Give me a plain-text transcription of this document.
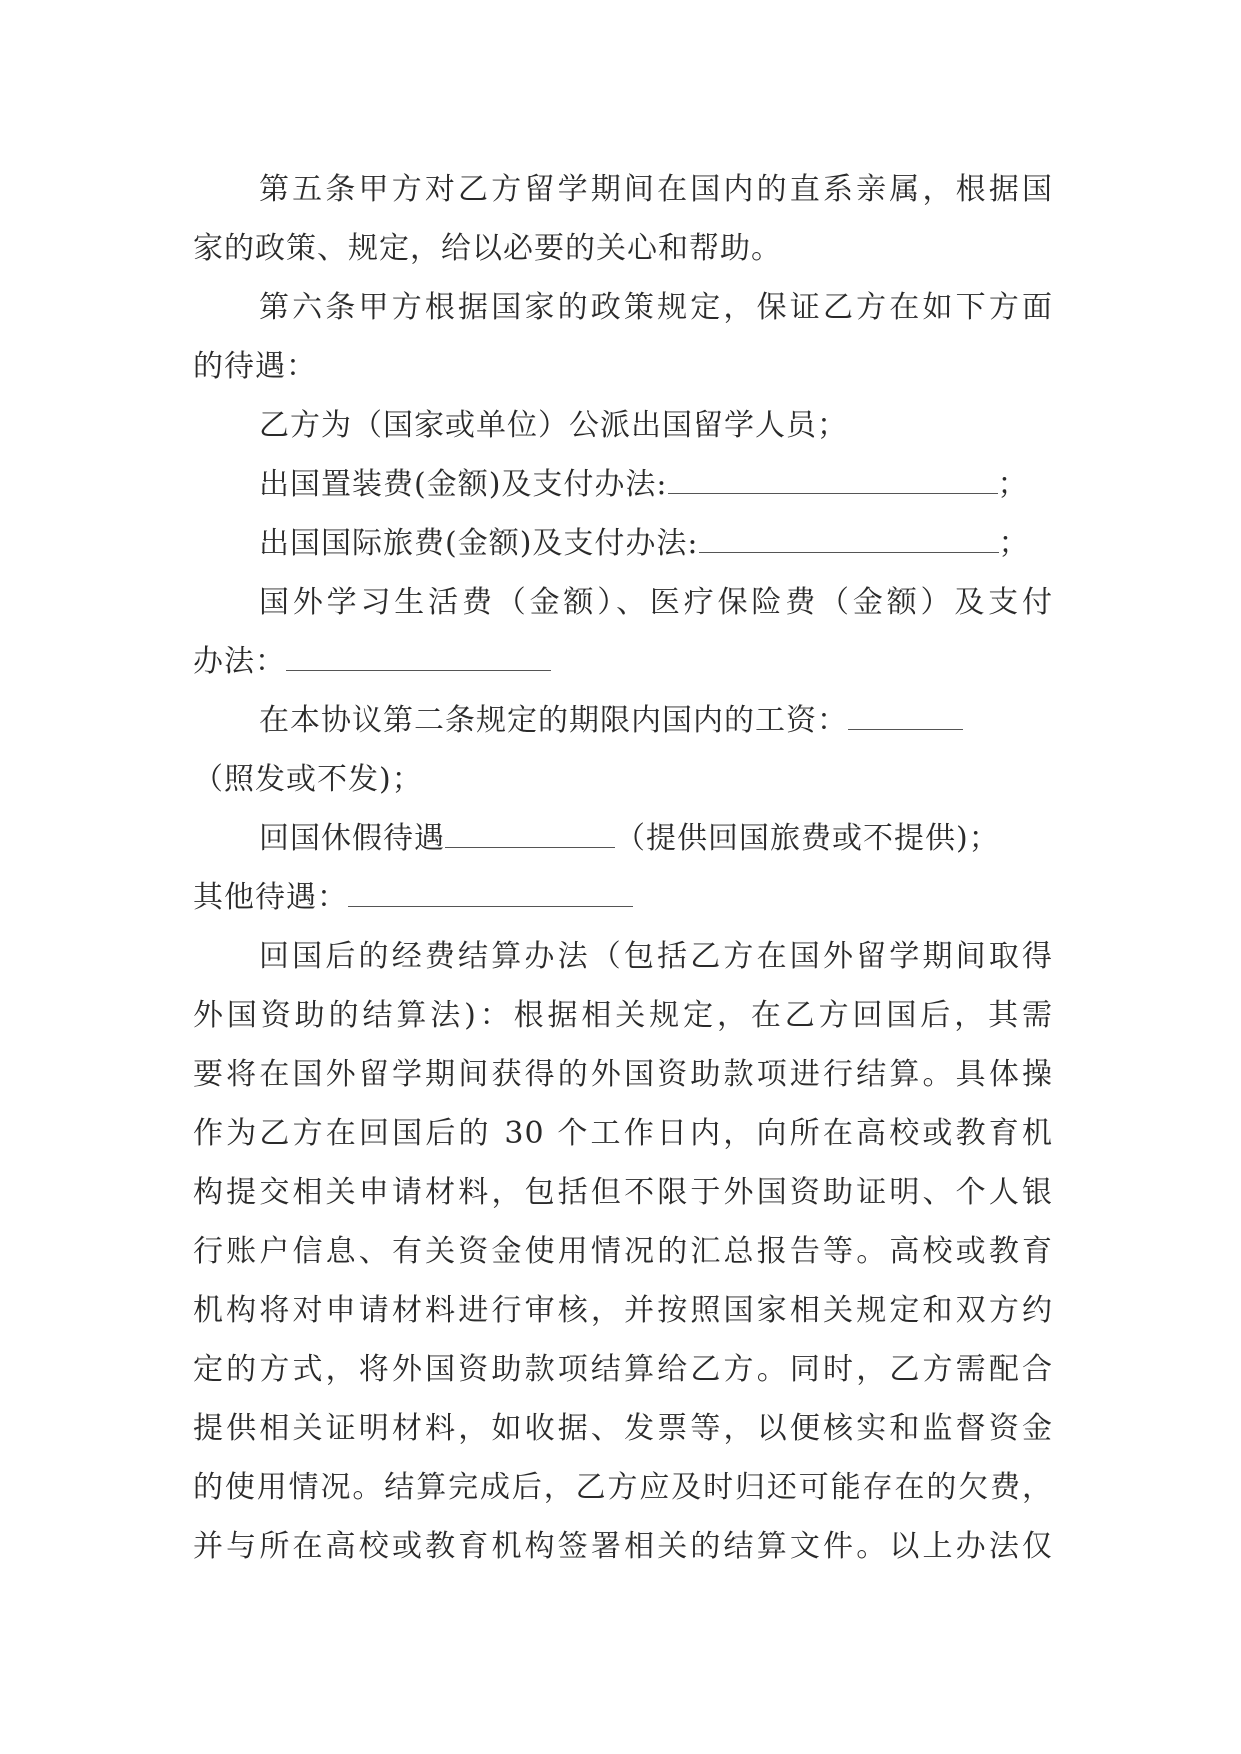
第五条甲方对乙方留学期间在国内的直系亲属，根据国
家的政策、规定，给以必要的关心和帮助。
第六条甲方根据国家的政策规定，保证乙方在如下方面
的待遇：
乙方为（国家或单位）公派出国留学人员；
出国置装费(金额)及支付办法:	；
出国国际旅费(金额)及支付办法:	；
国外学习生活费（金额）、医疗保险费（金额）及支付
办法：
在本协议第二条规定的期限内国内的工资：
（照发或不发)；
回国休假待遇	（提供回国旅费或不提供)；
其他待遇：
回国后的经费结算办法（包括乙方在国外留学期间取得
外国资助的结算法)：根据相关规定，在乙方回国后，其需
要将在国外留学期间获得的外国资助款项进行结算。具体操
作为乙方在回国后的 30 个工作日内，向所在高校或教育机
构提交相关申请材料，包括但不限于外国资助证明、个人银
行账户信息、有关资金使用情况的汇总报告等。高校或教育
机构将对申请材料进行审核，并按照国家相关规定和双方约
定的方式，将外国资助款项结算给乙方。同时，乙方需配合
提供相关证明材料，如收据、发票等，以便核实和监督资金
的使用情况。结算完成后，乙方应及时归还可能存在的欠费，
并与所在高校或教育机构签署相关的结算文件。以上办法仅
